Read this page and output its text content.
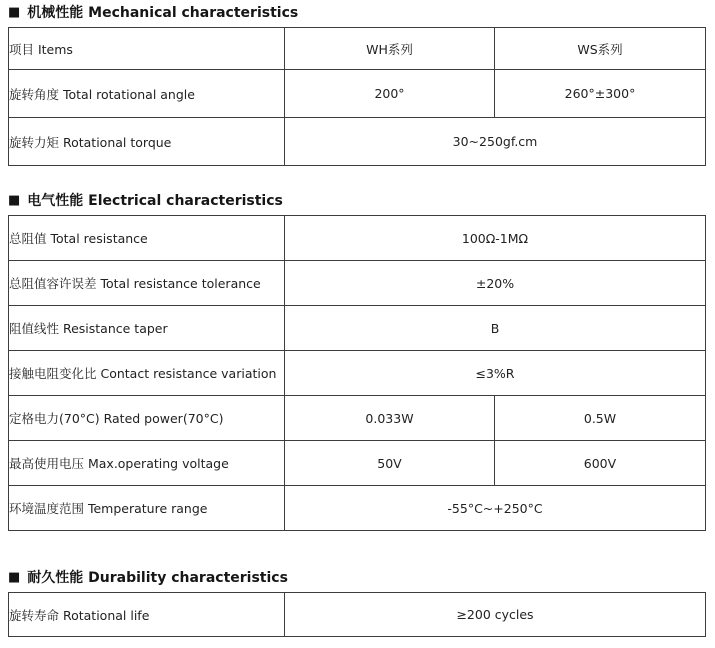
■ 机械性能 Mechanical characteristics
项目 Items	WH系列	WS系列
旋转角度 Total rotational angle	200°	260°±300°
旋转力矩 Rotational torque	30~250gf.cm	
■ 电气性能 Electrical characteristics
总阻值 Total resistance	100Ω-1MΩ	
总阻值容许误差 Total resistance tolerance	±20%	
阻值线性 Resistance taper	B	
接触电阻变化比 Contact resistance variation	≤3%R	
定格电力(70°C) Rated power(70°C)	0.033W	0.5W
最高使用电压 Max.operating voltage	50V	600V
环境温度范围 Temperature range	-55°C~+250°C	
■ 耐久性能 Durability characteristics
旋转寿命 Rotational life	≥200 cycles
